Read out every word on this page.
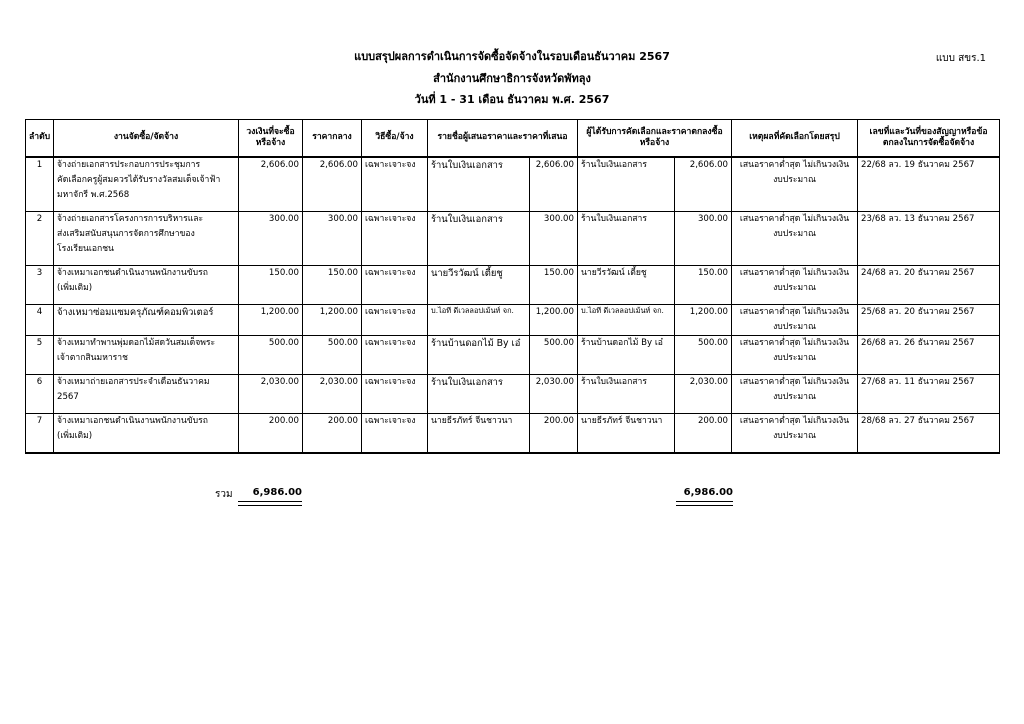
แบบ สขร.1
แบบสรุปผลการดำเนินการจัดซื้อจัดจ้างในรอบเดือนธันวาคม 2567
สำนักงานศึกษาธิการจังหวัดพัทลุง
วันที่ 1 - 31 เดือน ธันวาคม พ.ศ. 2567
ลำดับ	งานจัดซื้อ/จัดจ้าง	วงเงินที่จะซื้อหรือจ้าง	ราคากลาง	วิธีซื้อ/จ้าง	รายชื่อผู้เสนอราคาและราคาที่เสนอ		ผู้ได้รับการคัดเลือกและราคาตกลงซื้อหรือจ้าง		เหตุผลที่คัดเลือกโดยสรุป	เลขที่และวันที่ของสัญญาหรือข้อตกลงในการจัดซื้อจัดจ้าง
1	จ้างถ่ายเอกสารประกอบการประชุมการ
คัดเลือกครูผู้สมควรได้รับรางวัลสมเด็จเจ้าฟ้า
มหาจักรี พ.ศ.2568	2,606.00	2,606.00	เฉพาะเจาะจง	ร้านใบเงินเอกสาร	2,606.00	ร้านใบเงินเอกสาร	2,606.00	เสนอราคาต่ำสุด ไม่เกินวงเงิน
งบประมาณ	22/68 ลว. 19 ธันวาคม 2567
2	จ้างถ่ายเอกสารโครงการการบริหารและ
ส่งเสริมสนับสนุนการจัดการศึกษาของ
โรงเรียนเอกชน	300.00	300.00	เฉพาะเจาะจง	ร้านใบเงินเอกสาร	300.00	ร้านใบเงินเอกสาร	300.00	เสนอราคาต่ำสุด ไม่เกินวงเงิน
งบประมาณ	23/68 ลว. 13 ธันวาคม 2567
3	จ้างเหมาเอกชนดำเนินงานพนักงานขับรถ
(เพิ่มเติม)	150.00	150.00	เฉพาะเจาะจง	นายวีรวัฒน์ เตี้ยชู	150.00	นายวีรวัฒน์ เตี้ยชู	150.00	เสนอราคาต่ำสุด ไม่เกินวงเงิน
งบประมาณ	24/68 ลว. 20 ธันวาคม 2567
4	จ้างเหมาซ่อมแซมครุภัณฑ์คอมพิวเตอร์	1,200.00	1,200.00	เฉพาะเจาะจง	บ.ไอที ดีเวลลอปเม้นท์ จก.	1,200.00	บ.ไอที ดีเวลลอปเม้นท์ จก.	1,200.00	เสนอราคาต่ำสุด ไม่เกินวงเงิน
งบประมาณ	25/68 ลว. 20 ธันวาคม 2567
5	จ้างเหมาทำพานพุ่มดอกไม้สดวันสมเด็จพระ
เจ้าตากสินมหาราช	500.00	500.00	เฉพาะเจาะจง	ร้านบ้านดอกไม้ By เอ๋	500.00	ร้านบ้านดอกไม้ By เอ๋	500.00	เสนอราคาต่ำสุด ไม่เกินวงเงิน
งบประมาณ	26/68 ลว. 26 ธันวาคม 2567
6	จ้างเหมาถ่ายเอกสารประจำเดือนธันวาคม
2567	2,030.00	2,030.00	เฉพาะเจาะจง	ร้านใบเงินเอกสาร	2,030.00	ร้านใบเงินเอกสาร	2,030.00	เสนอราคาต่ำสุด ไม่เกินวงเงิน
งบประมาณ	27/68 ลว. 11 ธันวาคม 2567
7	จ้างเหมาเอกชนดำเนินงานพนักงานขับรถ
(เพิ่มเติม)	200.00	200.00	เฉพาะเจาะจง	นายธีรภัทร์ จีนชาวนา	200.00	นายธีรภัทร์ จีนชาวนา	200.00	เสนอราคาต่ำสุด ไม่เกินวงเงิน
งบประมาณ	28/68 ลว. 27 ธันวาคม 2567
รวม	6,986.00	6,986.00
